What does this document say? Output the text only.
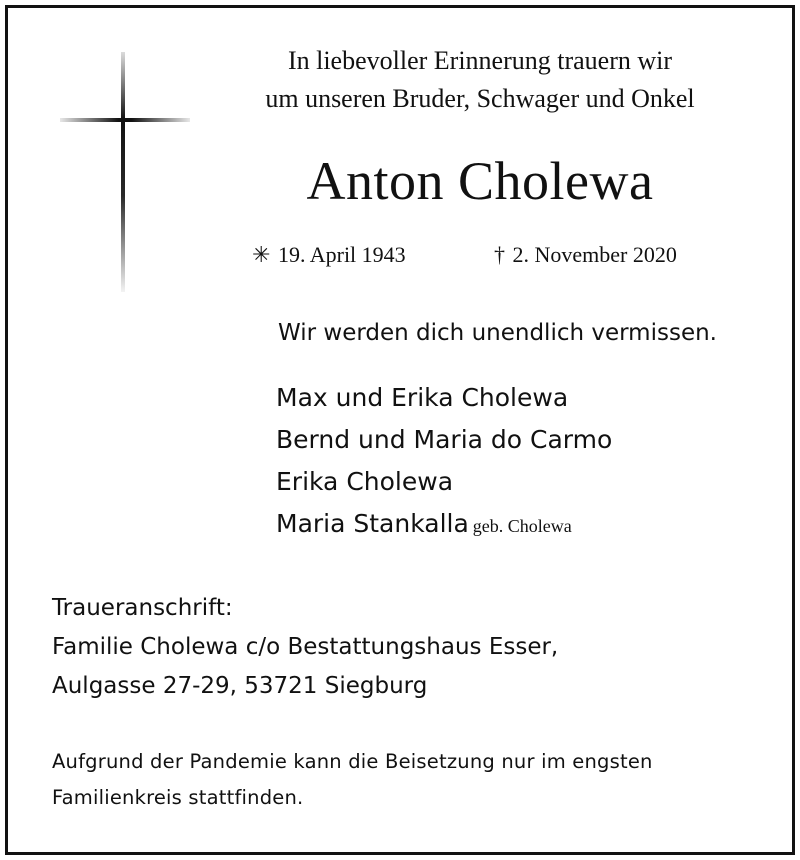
In liebevoller Erinnerung trauern wir
um unseren Bruder, Schwager und Onkel
Anton Cholewa
✳ 19. April 1943	† 2. November 2020
Wir werden dich unendlich vermissen.
Max und Erika Cholewa
Bernd und Maria do Carmo
Erika Cholewa
Maria Stankalla geb. Cholewa
Traueranschrift:
Familie Cholewa c/o Bestattungshaus Esser,
Aulgasse 27-29, 53721 Siegburg
Aufgrund der Pandemie kann die Beisetzung nur im engsten
Familienkreis stattfinden.
